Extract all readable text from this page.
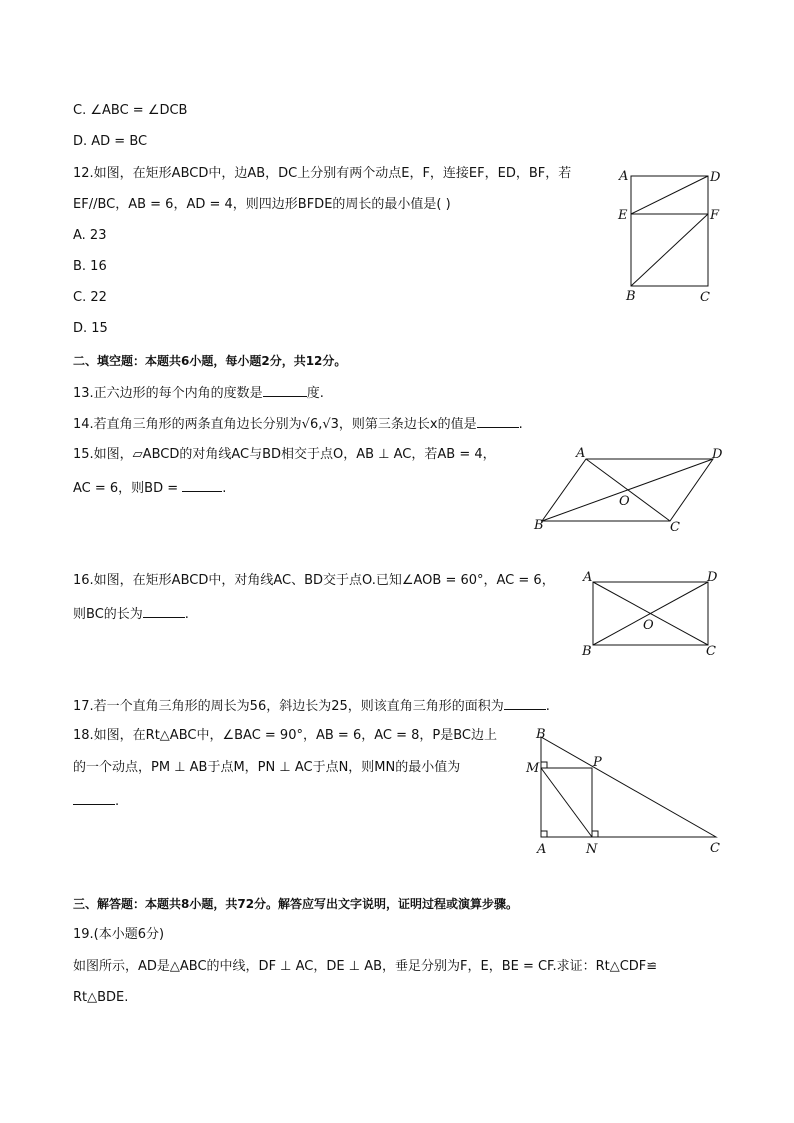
C. ∠ABC = ∠DCB
D. AD = BC
12.如图，在矩形ABCD中，边AB，DC上分别有两个动点E，F，连接EF，ED，BF，若
EF//BC，AB = 6，AD = 4，则四边形BFDE的周长的最小值是( )
A. 23
B. 16
C. 22
D. 15
A	D
E	F
B	C
二、填空题：本题共6小题，每小题2分，共12分。
13.正六边形的每个内角的度数是	度.
14.若直角三角形的两条直角边长分别为√6,√3，则第三条边长x的值是	.
15.如图，▱ABCD的对角线AC与BD相交于点O，AB ⊥ AC，若AB = 4，
AC = 6，则BD =	.
A	D
O
B	C
16.如图，在矩形ABCD中，对角线AC、BD交于点O.已知∠AOB = 60°，AC = 6，
则BC的长为	.
A	D
O
B	C
17.若一个直角三角形的周长为56，斜边长为25，则该直角三角形的面积为	.
18.如图，在Rt△ABC中，∠BAC = 90°，AB = 6，AC = 8，P是BC边上
的一个动点，PM ⊥ AB于点M，PN ⊥ AC于点N，则MN的最小值为
.
B
M	P
A	N	C
三、解答题：本题共8小题，共72分。解答应写出文字说明，证明过程或演算步骤。
19.(本小题6分)
如图所示，AD是△ABC的中线，DF ⊥ AC，DE ⊥ AB，垂足分别为F，E，BE = CF.求证：Rt△CDF≌
Rt△BDE.
